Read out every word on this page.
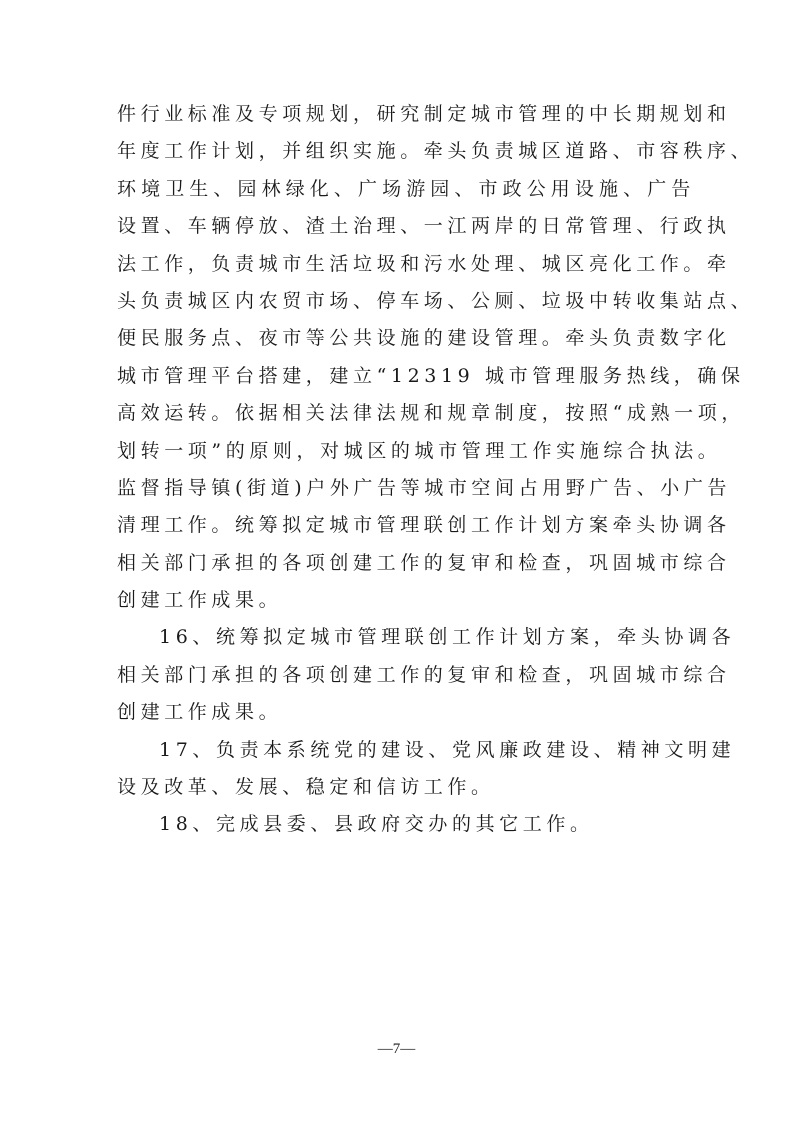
件行业标准及专项规划，研究制定城市管理的中长期规划和
年度工作计划，并组织实施。牵头负责城区道路、市容秩序、
环境卫生、园林绿化、广场游园、市政公用设施、广告
设置、车辆停放、渣土治理、一江两岸的日常管理、行政执
法工作，负责城市生活垃圾和污水处理、城区亮化工作。牵
头负责城区内农贸市场、停车场、公厕、垃圾中转收集站点、
便民服务点、夜市等公共设施的建设管理。牵头负责数字化
城市管理平台搭建，建立“12319 城市管理服务热线，确保
高效运转。依据相关法律法规和规章制度，按照“成熟一项，
划转一项”的原则，对城区的城市管理工作实施综合执法。
监督指导镇(街道)户外广告等城市空间占用野广告、小广告
清理工作。统筹拟定城市管理联创工作计划方案牵头协调各
相关部门承担的各项创建工作的复审和检查，巩固城市综合
创建工作成果。
16、统筹拟定城市管理联创工作计划方案，牵头协调各
相关部门承担的各项创建工作的复审和检查，巩固城市综合
创建工作成果。
17、负责本系统党的建设、党风廉政建设、精神文明建
设及改革、发展、稳定和信访工作。
18、完成县委、县政府交办的其它工作。
—7—
